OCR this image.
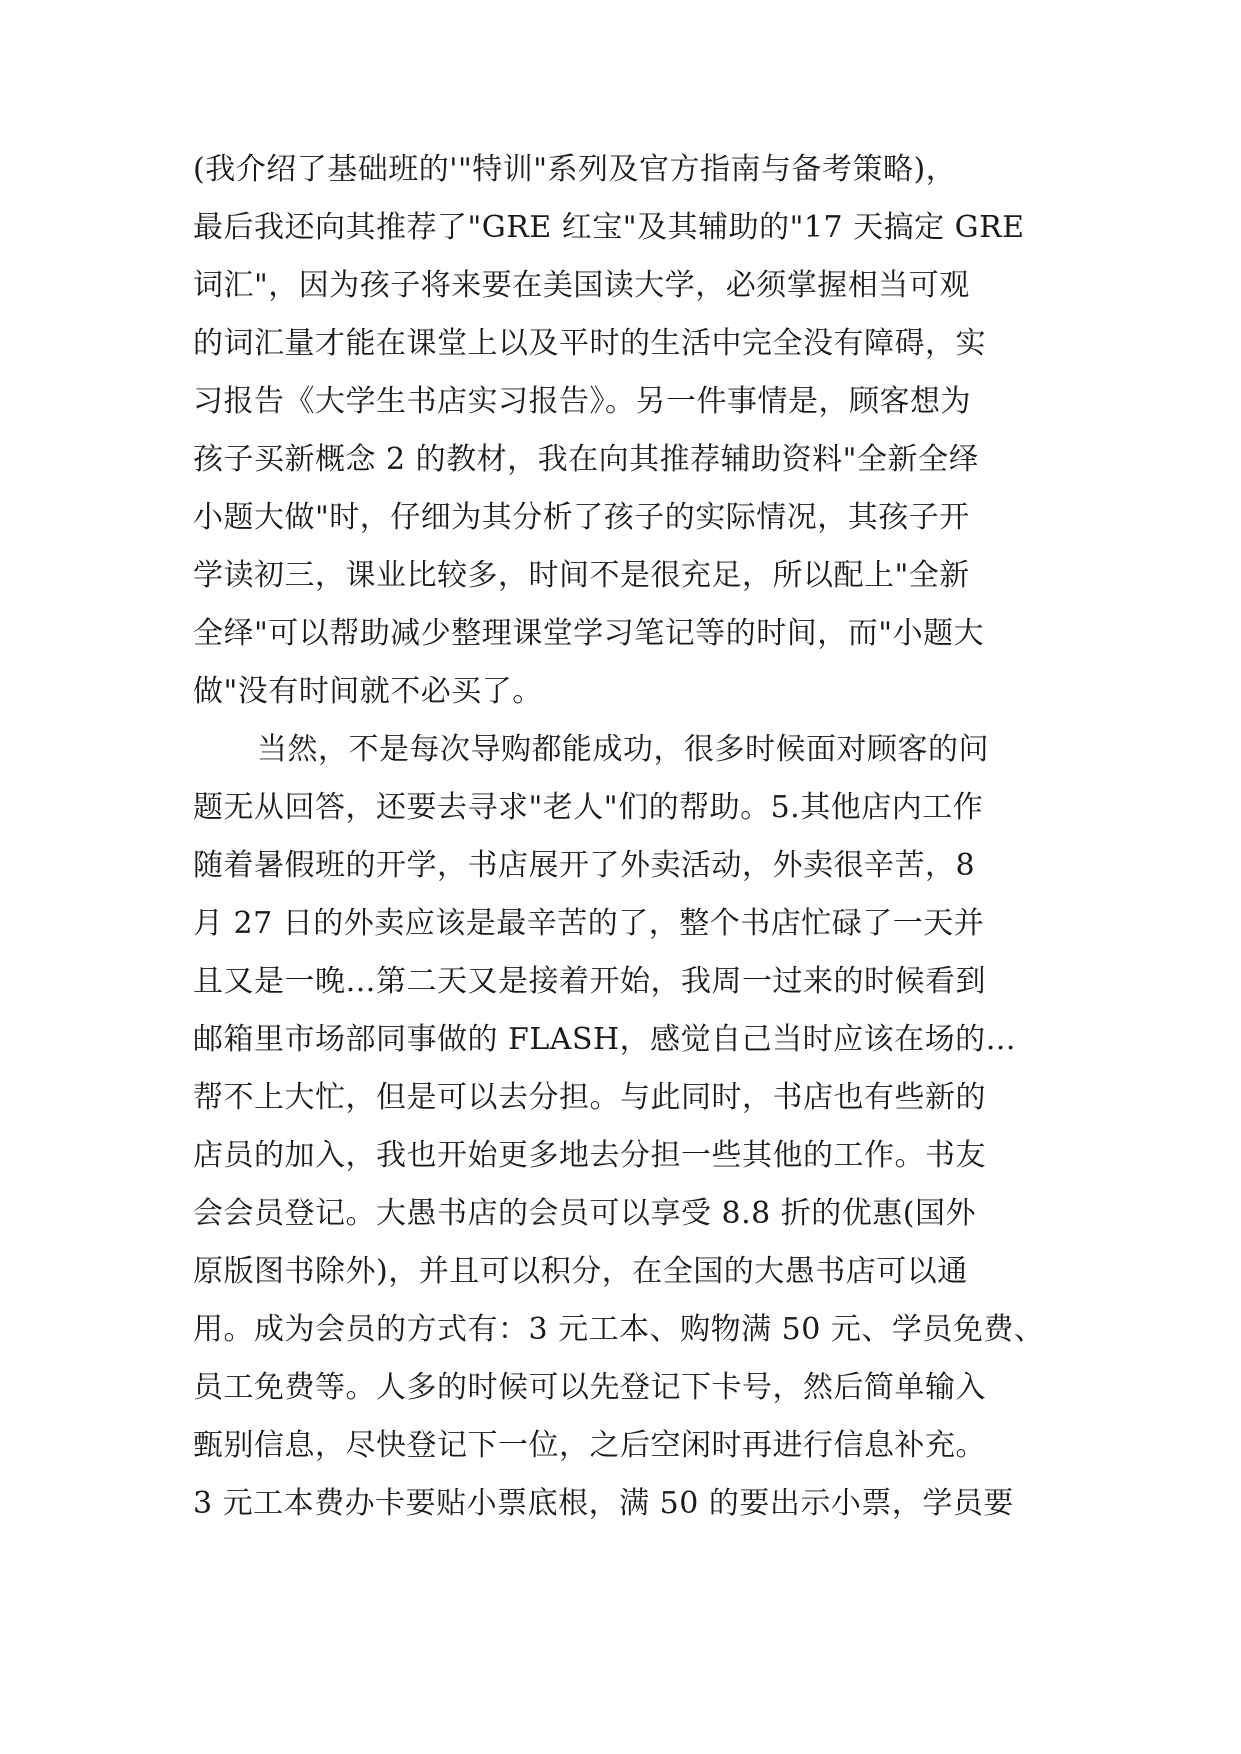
(我介绍了基础班的'"特训"系列及官方指南与备考策略)，

最后我还向其推荐了"GRE 红宝"及其辅助的"17 天搞定 GRE

词汇"，因为孩子将来要在美国读大学，必须掌握相当可观

的词汇量才能在课堂上以及平时的生活中完全没有障碍，实

习报告《大学生书店实习报告》。另一件事情是，顾客想为

孩子买新概念 2 的教材，我在向其推荐辅助资料"全新全绎

小题大做"时，仔细为其分析了孩子的实际情况，其孩子开

学读初三，课业比较多，时间不是很充足，所以配上"全新

全绎"可以帮助减少整理课堂学习笔记等的时间，而"小题大

做"没有时间就不必买了。

当然，不是每次导购都能成功，很多时候面对顾客的问

题无从回答，还要去寻求"老人"们的帮助。5.其他店内工作

随着暑假班的开学，书店展开了外卖活动，外卖很辛苦，8

月 27 日的外卖应该是最辛苦的了，整个书店忙碌了一天并

且又是一晚…第二天又是接着开始，我周一过来的时候看到

邮箱里市场部同事做的 FLASH，感觉自己当时应该在场的…

帮不上大忙，但是可以去分担。与此同时，书店也有些新的

店员的加入，我也开始更多地去分担一些其他的工作。书友

会会员登记。大愚书店的会员可以享受 8.8 折的优惠(国外

原版图书除外)，并且可以积分，在全国的大愚书店可以通

用。成为会员的方式有：3 元工本、购物满 50 元、学员免费、

员工免费等。人多的时候可以先登记下卡号，然后简单输入

甄别信息，尽快登记下一位，之后空闲时再进行信息补充。

3 元工本费办卡要贴小票底根，满 50 的要出示小票，学员要
